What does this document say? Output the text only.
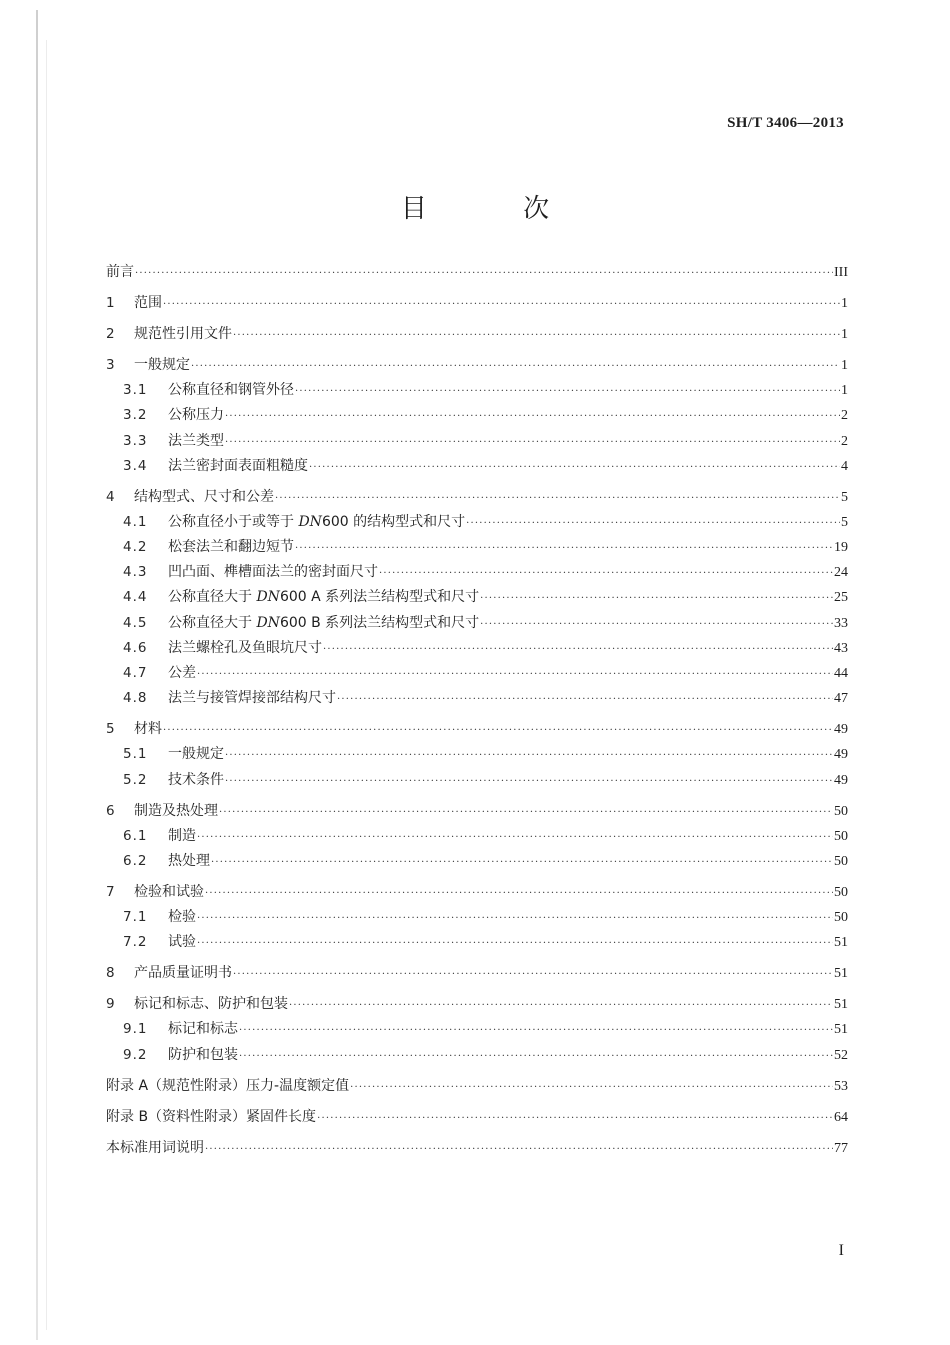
SH/T 3406—2013
目 次
前言 ·····	III
1	范围 ·····	1
2	规范性引用文件 ·····	1
3	一般规定 ·····	1
3.1	公称直径和钢管外径 ·····	1
3.2	公称压力 ·····	2
3.3	法兰类型 ·····	2
3.4	法兰密封面表面粗糙度 ·····	4
4	结构型式、尺寸和公差 ·····	5
4.1	公称直径小于或等于 DN600 的结构型式和尺寸 ·····	5
4.2	松套法兰和翻边短节 ·····	19
4.3	凹凸面、榫槽面法兰的密封面尺寸 ·····	24
4.4	公称直径大于 DN600 A 系列法兰结构型式和尺寸 ·····	25
4.5	公称直径大于 DN600 B 系列法兰结构型式和尺寸 ·····	33
4.6	法兰螺栓孔及鱼眼坑尺寸 ·····	43
4.7	公差 ·····	44
4.8	法兰与接管焊接部结构尺寸 ·····	47
5	材料 ·····	49
5.1	一般规定 ·····	49
5.2	技术条件 ·····	49
6	制造及热处理 ·····	50
6.1	制造 ·····	50
6.2	热处理 ·····	50
7	检验和试验 ·····	50
7.1	检验 ·····	50
7.2	试验 ·····	51
8	产品质量证明书 ·····	51
9	标记和标志、防护和包装 ·····	51
9.1	标记和标志 ·····	51
9.2	防护和包装 ·····	52
附录 A（规范性附录）压力-温度额定值 ·····	53
附录 B（资料性附录）紧固件长度 ·····	64
本标准用词说明 ·····	77
I
